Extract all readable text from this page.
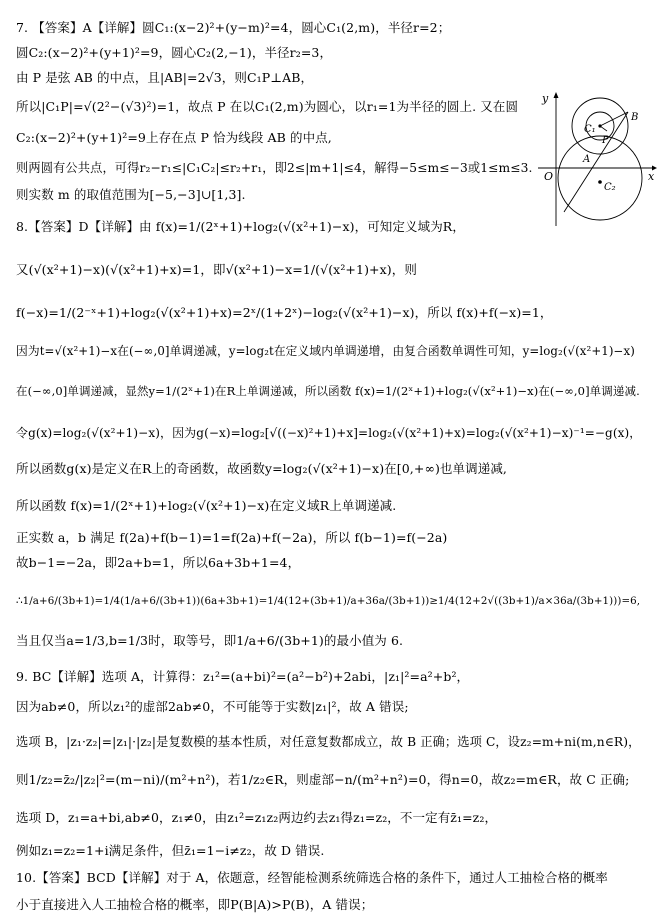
7. 【答案】A【详解】圆C₁:(x−2)²+(y−m)²=4，圆心C₁(2,m)，半径r=2；
圆C₂:(x−2)²+(y+1)²=9，圆心C₂(2,−1)，半径r₂=3，
由 P 是弦 AB 的中点，且|AB|=2√3，则C₁P⊥AB，
所以|C₁P|=√(2²−(√3)²)=1，故点 P 在以C₁(2,m)为圆心，以r₁=1为半径的圆上. 又在圆
C₂:(x−2)²+(y+1)²=9上存在点 P 恰为线段 AB 的中点,
则两圆有公共点，可得r₂−r₁≤|C₁C₂|≤r₂+r₁，即2≤|m+1|≤4，解得−5≤m≤−3或1≤m≤3.
则实数 m 的取值范围为[−5,−3]∪[1,3].
8.【答案】D【详解】由 f(x)=1/(2ˣ+1)+log₂(√(x²+1)−x)，可知定义域为R，
又(√(x²+1)−x)(√(x²+1)+x)=1，即√(x²+1)−x=1/(√(x²+1)+x)，则
f(−x)=1/(2⁻ˣ+1)+log₂(√(x²+1)+x)=2ˣ/(1+2ˣ)−log₂(√(x²+1)−x)，所以 f(x)+f(−x)=1，
因为t=√(x²+1)−x在(−∞,0]单调递减，y=log₂t在定义域内单调递增，由复合函数单调性可知，y=log₂(√(x²+1)−x)
在(−∞,0]单调递减，显然y=1/(2ˣ+1)在R上单调递减，所以函数 f(x)=1/(2ˣ+1)+log₂(√(x²+1)−x)在(−∞,0]单调递减.
令g(x)=log₂(√(x²+1)−x)，因为g(−x)=log₂[√((−x)²+1)+x]=log₂(√(x²+1)+x)=log₂(√(x²+1)−x)⁻¹=−g(x)，
所以函数g(x)是定义在R上的奇函数，故函数y=log₂(√(x²+1)−x)在[0,+∞)也单调递减,
所以函数 f(x)=1/(2ˣ+1)+log₂(√(x²+1)−x)在定义域R上单调递减.
正实数 a，b 满足 f(2a)+f(b−1)=1=f(2a)+f(−2a)，所以 f(b−1)=f(−2a)
故b−1=−2a，即2a+b=1，所以6a+3b+1=4，
∴1/a+6/(3b+1)=1/4(1/a+6/(3b+1))(6a+3b+1)=1/4(12+(3b+1)/a+36a/(3b+1))≥1/4(12+2√((3b+1)/a×36a/(3b+1)))=6,
当且仅当a=1/3,b=1/3时，取等号，即1/a+6/(3b+1)的最小值为 6.
9. BC【详解】选项 A，计算得：z₁²=(a+bi)²=(a²−b²)+2abi，|z₁|²=a²+b²，
因为ab≠0，所以z₁²的虚部2ab≠0，不可能等于实数|z₁|²，故 A 错误;
选项 B，|z₁·z₂|=|z₁|·|z₂|是复数模的基本性质，对任意复数都成立，故 B 正确；选项 C，设z₂=m+ni(m,n∈R)，
则1/z₂=z̄₂/|z₂|²=(m−ni)/(m²+n²)，若1/z₂∈R，则虚部−n/(m²+n²)=0，得n=0，故z₂=m∈R，故 C 正确;
选项 D，z₁=a+bi,ab≠0，z₁≠0，由z₁²=z₁z₂两边约去z₁得z₁=z₂，不一定有z̄₁=z₂，
例如z₁=z₂=1+i满足条件，但z̄₁=1−i≠z₂，故 D 错误.
10.【答案】BCD【详解】对于 A，依题意，经智能检测系统筛选合格的条件下，通过人工抽检合格的概率
小于直接进入人工抽检合格的概率，即P(B|A)>P(B)，A 错误；
y
x
O
C₁
C₂
A
B
P
